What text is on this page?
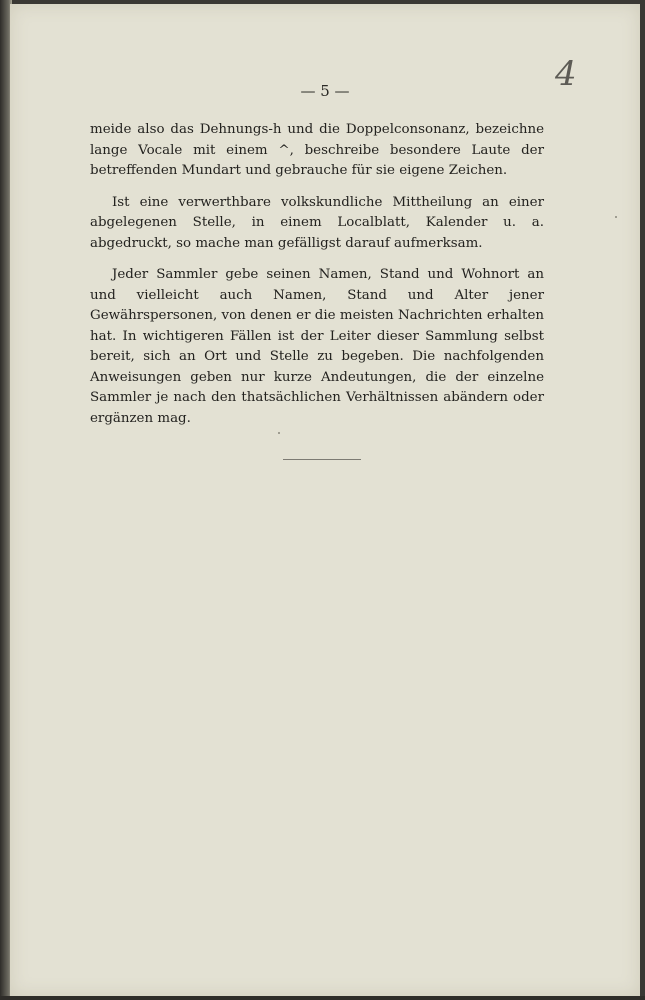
— 5 —	4

meide also das Dehnungs-h und die Doppelconsonanz, bezeichne lange Vocale mit einem ^, beschreibe besondere Laute der betreffenden Mundart und gebrauche für sie eigene Zeichen.

Ist eine verwerthbare volkskundliche Mittheilung an einer abgelegenen Stelle, in einem Localblatt, Kalender u. a. abgedruckt, so mache man gefälligst darauf aufmerksam.

Jeder Sammler gebe seinen Namen, Stand und Wohnort an und vielleicht auch Namen, Stand und Alter jener Gewährspersonen, von denen er die meisten Nachrichten erhalten hat. In wichtigeren Fällen ist der Leiter dieser Sammlung selbst bereit, sich an Ort und Stelle zu begeben. Die nachfolgenden Anweisungen geben nur kurze Andeutungen, die der einzelne Sammler je nach den thatsächlichen Verhältnissen abändern oder ergänzen mag.
